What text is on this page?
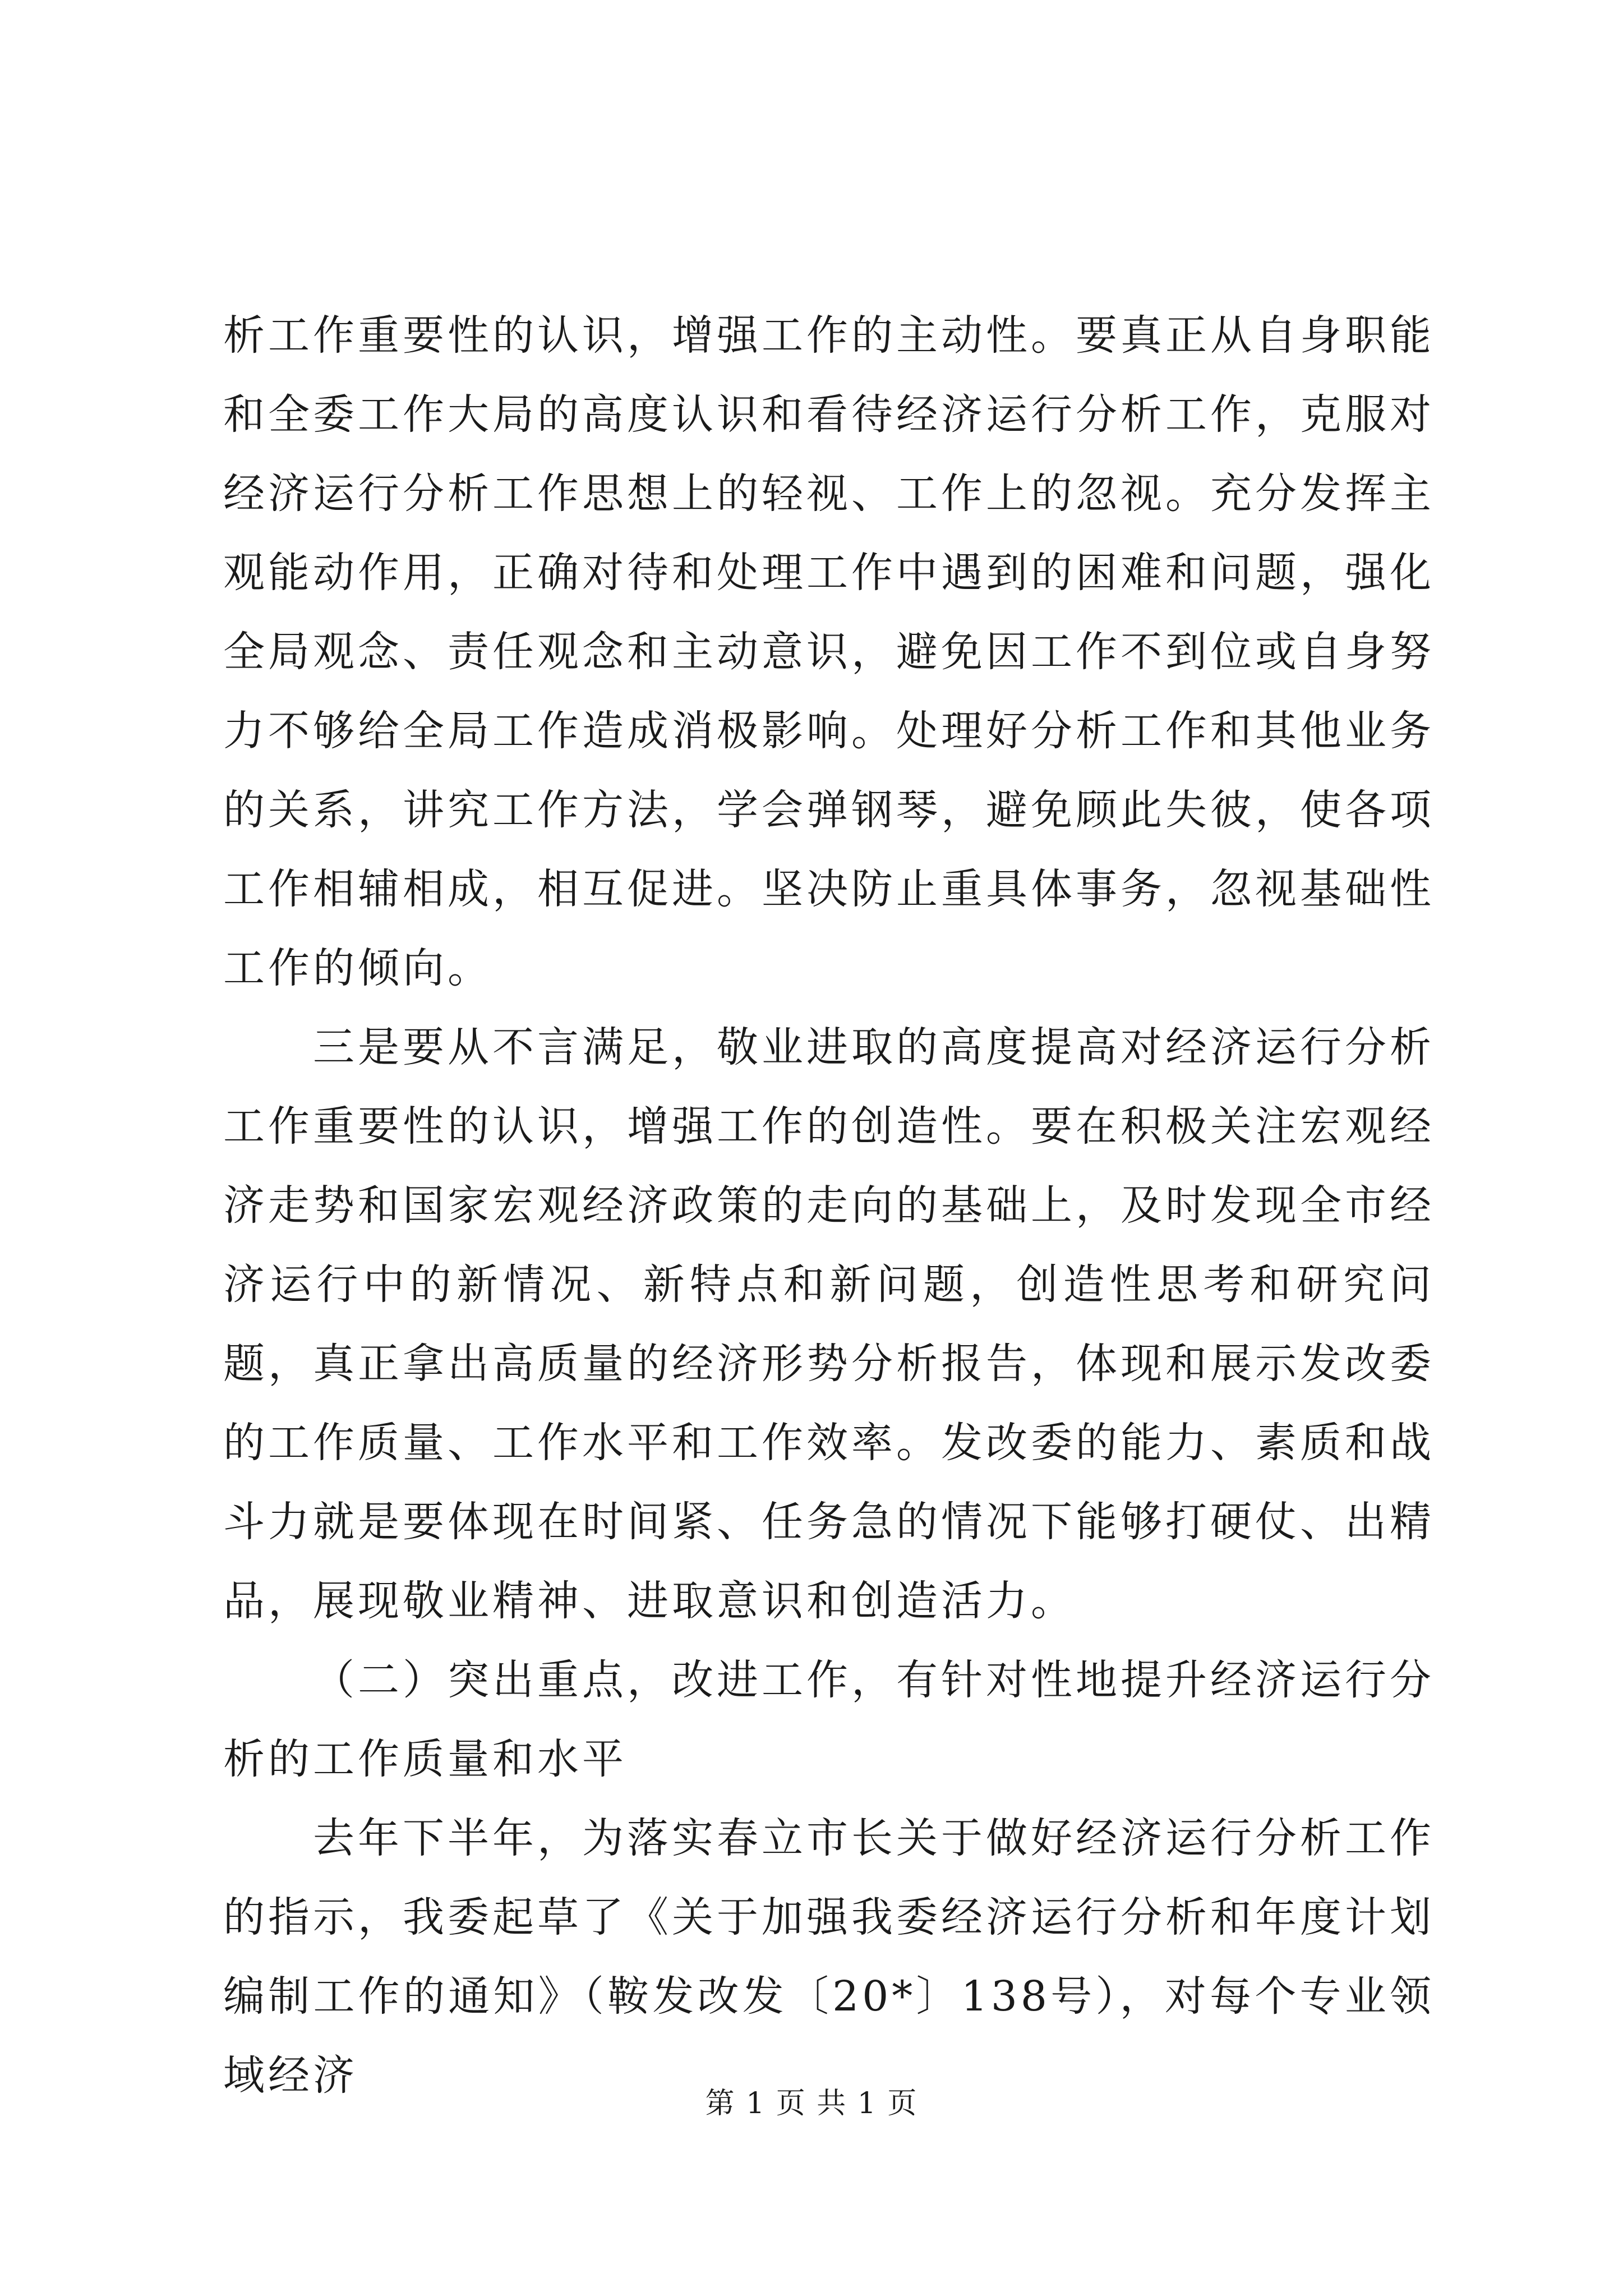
析工作重要性的认识，增强工作的主动性。要真正从自身职能和全委工作大局的高度认识和看待经济运行分析工作，克服对经济运行分析工作思想上的轻视、工作上的忽视。充分发挥主观能动作用，正确对待和处理工作中遇到的困难和问题，强化全局观念、责任观念和主动意识，避免因工作不到位或自身努力不够给全局工作造成消极影响。处理好分析工作和其他业务的关系，讲究工作方法，学会弹钢琴，避免顾此失彼，使各项工作相辅相成，相互促进。坚决防止重具体事务，忽视基础性工作的倾向。

三是要从不言满足，敬业进取的高度提高对经济运行分析工作重要性的认识，增强工作的创造性。要在积极关注宏观经济走势和国家宏观经济政策的走向的基础上，及时发现全市经济运行中的新情况、新特点和新问题，创造性思考和研究问题，真正拿出高质量的经济形势分析报告，体现和展示发改委的工作质量、工作水平和工作效率。发改委的能力、素质和战斗力就是要体现在时间紧、任务急的情况下能够打硬仗、出精品，展现敬业精神、进取意识和创造活力。

（二）突出重点，改进工作，有针对性地提升经济运行分析的工作质量和水平

去年下半年，为落实春立市长关于做好经济运行分析工作的指示，我委起草了《关于加强我委经济运行分析和年度计划编制工作的通知》（鞍发改发〔20*〕138号），对每个专业领域经济

第 1 页 共 1 页
